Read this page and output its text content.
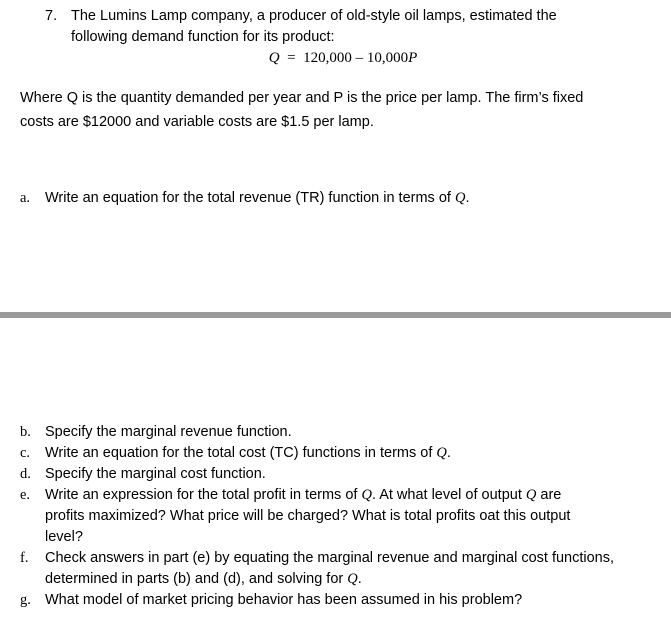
7. The Lumins Lamp company, a producer of old-style oil lamps, estimated the
following demand function for its product:
Q = 120,000 – 10,000P
Where Q is the quantity demanded per year and P is the price per lamp. The firm’s fixed
costs are $12000 and variable costs are $1.5 per lamp.
a. Write an equation for the total revenue (TR) function in terms of Q.
b. Specify the marginal revenue function.
c.	Write an equation for the total cost (TC) functions in terms of Q.
d. Specify the marginal cost function.
e.	Write an expression for the total profit in terms of Q. At what level of output Q are
profits maximized? What price will be charged? What is total profits oat this output
level?
f.	Check answers in part (e) by equating the marginal revenue and marginal cost functions,
determined in parts (b) and (d), and solving for Q.
g. What model of market pricing behavior has been assumed in his problem?
